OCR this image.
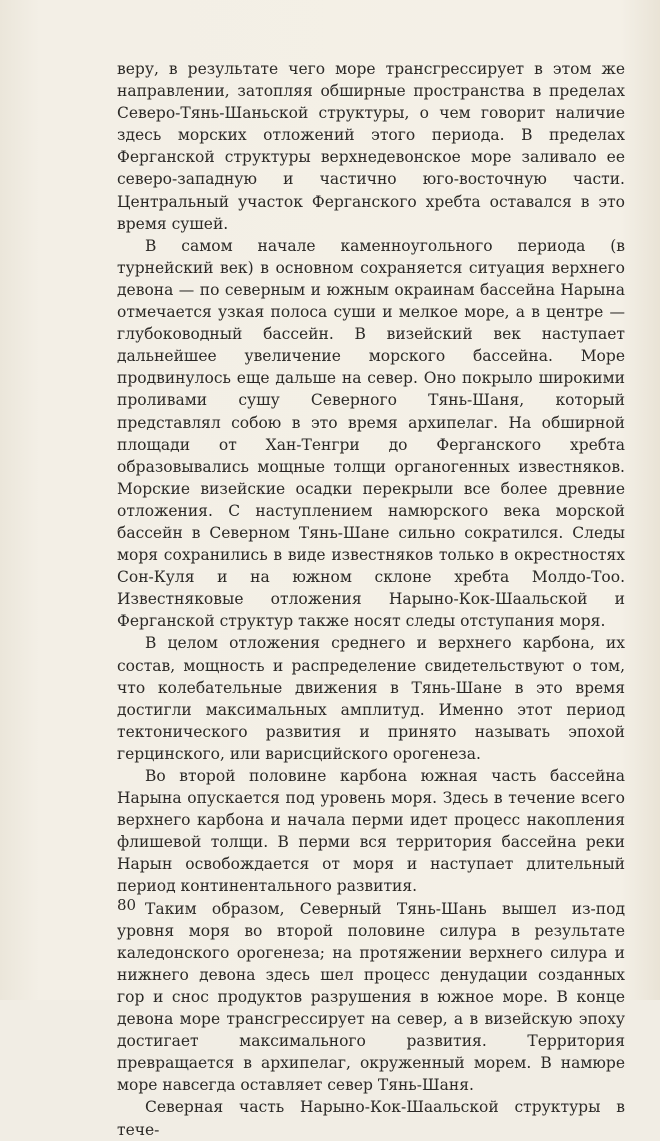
веру, в результате чего море трансгрессирует в этом же направлении, затопляя обширные пространства в пределах Северо-Тянь-Шаньской структуры, о чем говорит наличие здесь морских отложений этого периода. В пределах Ферганской структуры верхнедевонское море заливало ее северо-западную и частично юго-восточную части. Центральный участок Ферганского хребта оставался в это время сушей.

В самом начале каменноугольного периода (в турнейский век) в основном сохраняется ситуация верхнего девона — по северным и южным окраинам бассейна Нарына отмечается узкая полоса суши и мелкое море, а в центре — глубоководный бассейн. В визейский век наступает дальнейшее увеличение морского бассейна. Море продвинулось еще дальше на север. Оно покрыло широкими проливами сушу Северного Тянь-Шаня, который представлял собою в это время архипелаг. На обширной площади от Хан-Тенгри до Ферганского хребта образовывались мощные толщи органогенных известняков. Морские визейские осадки перекрыли все более древние отложения. С наступлением намюрского века морской бассейн в Северном Тянь-Шане сильно сократился. Следы моря сохранились в виде известняков только в окрестностях Сон-Куля и на южном склоне хребта Молдо-Тоо. Известняковые отложения Нарыно-Кок-Шаальской и Ферганской структур также носят следы отступания моря.

В целом отложения среднего и верхнего карбона, их состав, мощность и распределение свидетельствуют о том, что колебательные движения в Тянь-Шане в это время достигли максимальных амплитуд. Именно этот период тектонического развития и принято называть эпохой герцинского, или варисцийского орогенеза.

Во второй половине карбона южная часть бассейна Нарына опускается под уровень моря. Здесь в течение всего верхнего карбона и начала перми идет процесс накопления флишевой толщи. В перми вся территория бассейна реки Нарын освобождается от моря и наступает длительный период континентального развития.

Таким образом, Северный Тянь-Шань вышел из-под уровня моря во второй половине силура в результате каледонского орогенеза; на протяжении верхнего силура и нижнего девона здесь шел процесс денудации созданных гор и снос продуктов разрушения в южное море. В конце девона море трансгрессирует на север, а в визейскую эпоху достигает максимального развития. Территория превращается в архипелаг, окруженный морем. В намюре море навсегда оставляет север Тянь-Шаня.

Северная часть Нарыно-Кок-Шаальской структуры в тече-

80
